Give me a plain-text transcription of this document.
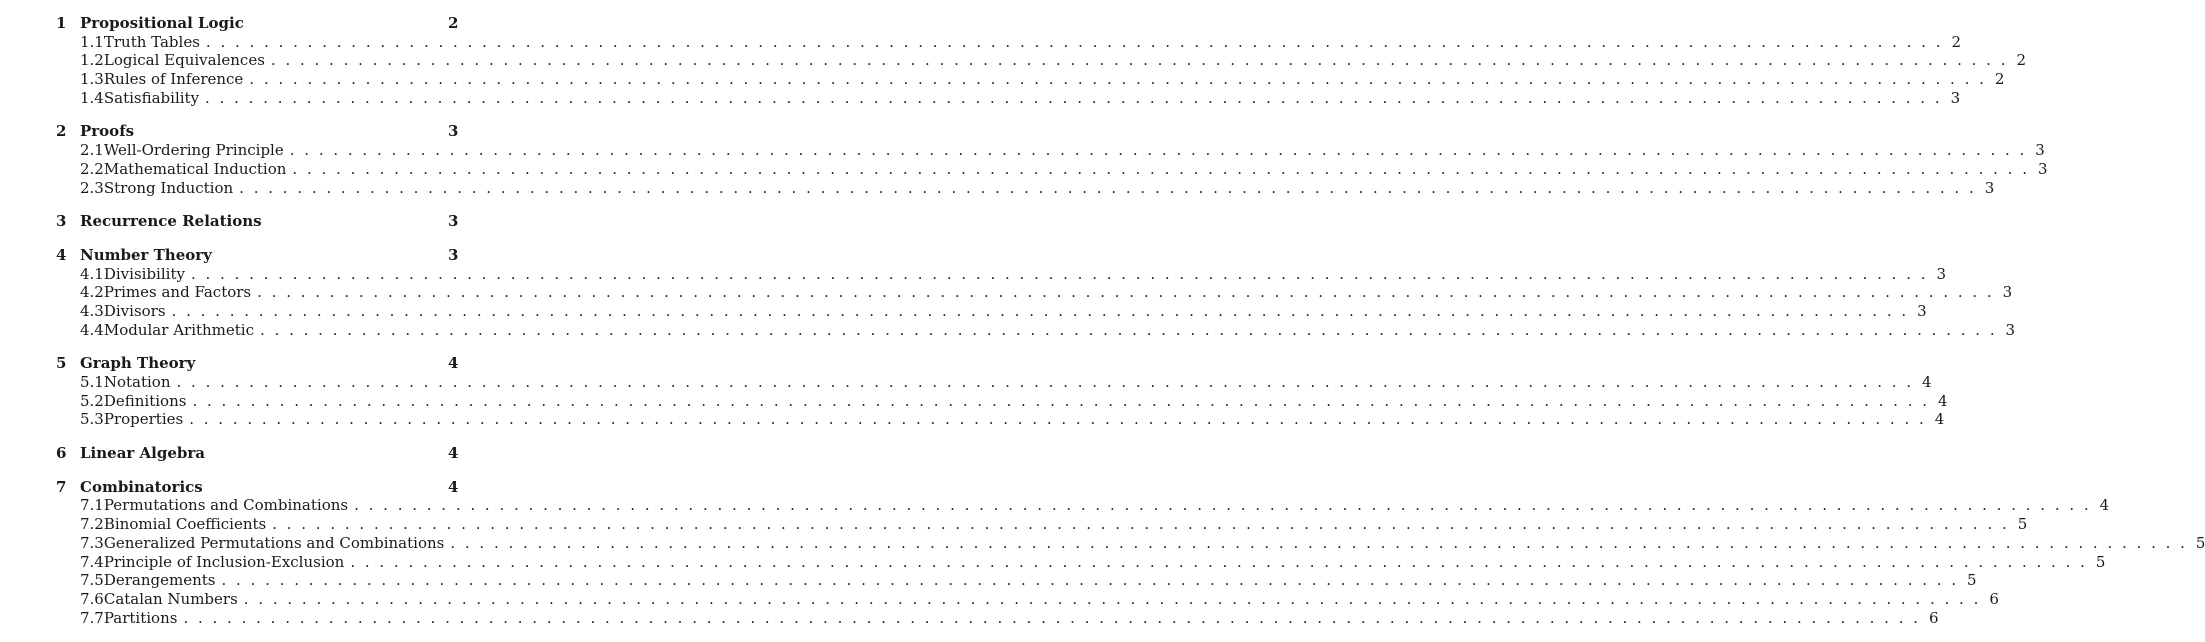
1 Propositional Logic	2
1.1 Truth Tables . . . . . . . . . . . . . . . . . . . . . . . . . . . . . . . . . . . . . . . . . . . . . . . . . . . . . . . . . . . . . . . . . . . . . . . . . . . . . . . . . . . . . . . . . . . . . . . . . . . . . . . . . . . . . . . . . . . . . . . . 2
1.2 Logical Equivalences . . . . . . . . . . . . . . . . . . . . . . . . . . . . . . . . . . . . . . . . . . . . . . . . . . . . . . . . . . . . . . . . . . . . . . . . . . . . . . . . . . . . . . . . . . . . . . . . . . . . . . . . . . . . . . . . . . . . . . . . 2
1.3 Rules of Inference . . . . . . . . . . . . . . . . . . . . . . . . . . . . . . . . . . . . . . . . . . . . . . . . . . . . . . . . . . . . . . . . . . . . . . . . . . . . . . . . . . . . . . . . . . . . . . . . . . . . . . . . . . . . . . . . . . . . . . . . 2
1.4 Satisfiability . . . . . . . . . . . . . . . . . . . . . . . . . . . . . . . . . . . . . . . . . . . . . . . . . . . . . . . . . . . . . . . . . . . . . . . . . . . . . . . . . . . . . . . . . . . . . . . . . . . . . . . . . . . . . . . . . . . . . . . . 3
2 Proofs	3
2.1 Well-Ordering Principle . . . . . . . . . . . . . . . . . . . . . . . . . . . . . . . . . . . . . . . . . . . . . . . . . . . . . . . . . . . . . . . . . . . . . . . . . . . . . . . . . . . . . . . . . . . . . . . . . . . . . . . . . . . . . . . . . . . . . . . . 3
2.2 Mathematical Induction . . . . . . . . . . . . . . . . . . . . . . . . . . . . . . . . . . . . . . . . . . . . . . . . . . . . . . . . . . . . . . . . . . . . . . . . . . . . . . . . . . . . . . . . . . . . . . . . . . . . . . . . . . . . . . . . . . . . . . . . 3
2.3 Strong Induction . . . . . . . . . . . . . . . . . . . . . . . . . . . . . . . . . . . . . . . . . . . . . . . . . . . . . . . . . . . . . . . . . . . . . . . . . . . . . . . . . . . . . . . . . . . . . . . . . . . . . . . . . . . . . . . . . . . . . . . . 3
3 Recurrence Relations	3
4 Number Theory	3
4.1 Divisibility . . . . . . . . . . . . . . . . . . . . . . . . . . . . . . . . . . . . . . . . . . . . . . . . . . . . . . . . . . . . . . . . . . . . . . . . . . . . . . . . . . . . . . . . . . . . . . . . . . . . . . . . . . . . . . . . . . . . . . . . 3
4.2 Primes and Factors . . . . . . . . . . . . . . . . . . . . . . . . . . . . . . . . . . . . . . . . . . . . . . . . . . . . . . . . . . . . . . . . . . . . . . . . . . . . . . . . . . . . . . . . . . . . . . . . . . . . . . . . . . . . . . . . . . . . . . . . 3
4.3 Divisors . . . . . . . . . . . . . . . . . . . . . . . . . . . . . . . . . . . . . . . . . . . . . . . . . . . . . . . . . . . . . . . . . . . . . . . . . . . . . . . . . . . . . . . . . . . . . . . . . . . . . . . . . . . . . . . . . . . . . . . . 3
4.4 Modular Arithmetic . . . . . . . . . . . . . . . . . . . . . . . . . . . . . . . . . . . . . . . . . . . . . . . . . . . . . . . . . . . . . . . . . . . . . . . . . . . . . . . . . . . . . . . . . . . . . . . . . . . . . . . . . . . . . . . . . . . . . . . . 3
5 Graph Theory	4
5.1 Notation . . . . . . . . . . . . . . . . . . . . . . . . . . . . . . . . . . . . . . . . . . . . . . . . . . . . . . . . . . . . . . . . . . . . . . . . . . . . . . . . . . . . . . . . . . . . . . . . . . . . . . . . . . . . . . . . . . . . . . . . 4
5.2 Definitions . . . . . . . . . . . . . . . . . . . . . . . . . . . . . . . . . . . . . . . . . . . . . . . . . . . . . . . . . . . . . . . . . . . . . . . . . . . . . . . . . . . . . . . . . . . . . . . . . . . . . . . . . . . . . . . . . . . . . . . . 4
5.3 Properties . . . . . . . . . . . . . . . . . . . . . . . . . . . . . . . . . . . . . . . . . . . . . . . . . . . . . . . . . . . . . . . . . . . . . . . . . . . . . . . . . . . . . . . . . . . . . . . . . . . . . . . . . . . . . . . . . . . . . . . . 4
6 Linear Algebra	4
7 Combinatorics	4
7.1 Permutations and Combinations . . . . . . . . . . . . . . . . . . . . . . . . . . . . . . . . . . . . . . . . . . . . . . . . . . . . . . . . . . . . . . . . . . . . . . . . . . . . . . . . . . . . . . . . . . . . . . . . . . . . . . . . . . . . . . . . . . . . . . . . 4
7.2 Binomial Coefficients . . . . . . . . . . . . . . . . . . . . . . . . . . . . . . . . . . . . . . . . . . . . . . . . . . . . . . . . . . . . . . . . . . . . . . . . . . . . . . . . . . . . . . . . . . . . . . . . . . . . . . . . . . . . . . . . . . . . . . . . 5
7.3 Generalized Permutations and Combinations . . . . . . . . . . . . . . . . . . . . . . . . . . . . . . . . . . . . . . . . . . . . . . . . . . . . . . . . . . . . . . . . . . . . . . . . . . . . . . . . . . . . . . . . . . . . . . . . . . . . . . . . . . . . . . . . . . . . . . . . 5
7.4 Principle of Inclusion-Exclusion . . . . . . . . . . . . . . . . . . . . . . . . . . . . . . . . . . . . . . . . . . . . . . . . . . . . . . . . . . . . . . . . . . . . . . . . . . . . . . . . . . . . . . . . . . . . . . . . . . . . . . . . . . . . . . . . . . . . . . . . 5
7.5 Derangements . . . . . . . . . . . . . . . . . . . . . . . . . . . . . . . . . . . . . . . . . . . . . . . . . . . . . . . . . . . . . . . . . . . . . . . . . . . . . . . . . . . . . . . . . . . . . . . . . . . . . . . . . . . . . . . . . . . . . . . . 5
7.6 Catalan Numbers . . . . . . . . . . . . . . . . . . . . . . . . . . . . . . . . . . . . . . . . . . . . . . . . . . . . . . . . . . . . . . . . . . . . . . . . . . . . . . . . . . . . . . . . . . . . . . . . . . . . . . . . . . . . . . . . . . . . . . . . 6
7.7 Partitions . . . . . . . . . . . . . . . . . . . . . . . . . . . . . . . . . . . . . . . . . . . . . . . . . . . . . . . . . . . . . . . . . . . . . . . . . . . . . . . . . . . . . . . . . . . . . . . . . . . . . . . . . . . . . . . . . . . . . . . . 6
